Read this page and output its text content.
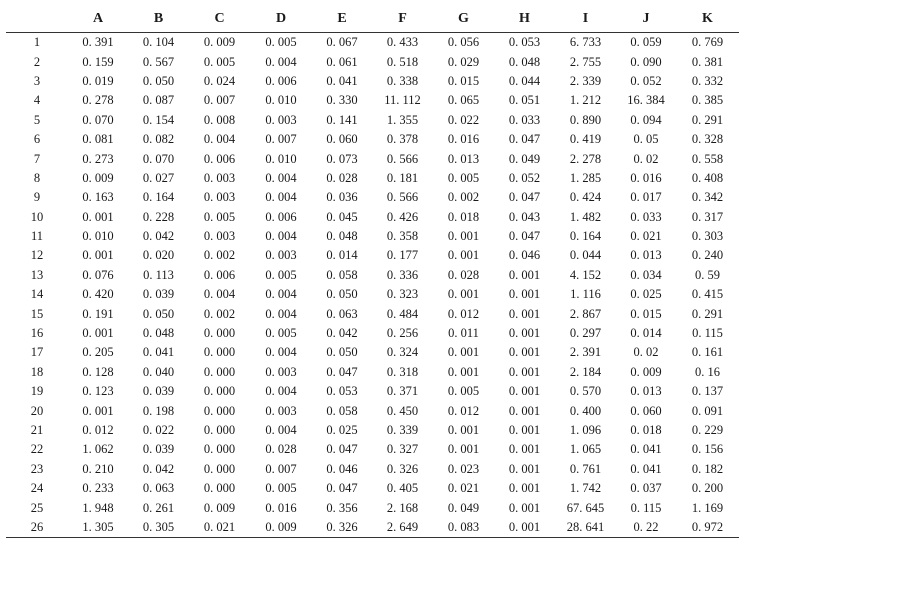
	A	B	C	D	E	F	G	H	I	J	K
1	0. 391	0. 104	0. 009	0. 005	0. 067	0. 433	0. 056	0. 053	6. 733	0. 059	0. 769
2	0. 159	0. 567	0. 005	0. 004	0. 061	0. 518	0. 029	0. 048	2. 755	0. 090	0. 381
3	0. 019	0. 050	0. 024	0. 006	0. 041	0. 338	0. 015	0. 044	2. 339	0. 052	0. 332
4	0. 278	0. 087	0. 007	0. 010	0. 330	11. 112	0. 065	0. 051	1. 212	16. 384	0. 385
5	0. 070	0. 154	0. 008	0. 003	0. 141	1. 355	0. 022	0. 033	0. 890	0. 094	0. 291
6	0. 081	0. 082	0. 004	0. 007	0. 060	0. 378	0. 016	0. 047	0. 419	0. 05	0. 328
7	0. 273	0. 070	0. 006	0. 010	0. 073	0. 566	0. 013	0. 049	2. 278	0. 02	0. 558
8	0. 009	0. 027	0. 003	0. 004	0. 028	0. 181	0. 005	0. 052	1. 285	0. 016	0. 408
9	0. 163	0. 164	0. 003	0. 004	0. 036	0. 566	0. 002	0. 047	0. 424	0. 017	0. 342
10	0. 001	0. 228	0. 005	0. 006	0. 045	0. 426	0. 018	0. 043	1. 482	0. 033	0. 317
11	0. 010	0. 042	0. 003	0. 004	0. 048	0. 358	0. 001	0. 047	0. 164	0. 021	0. 303
12	0. 001	0. 020	0. 002	0. 003	0. 014	0. 177	0. 001	0. 046	0. 044	0. 013	0. 240
13	0. 076	0. 113	0. 006	0. 005	0. 058	0. 336	0. 028	0. 001	4. 152	0. 034	0. 59
14	0. 420	0. 039	0. 004	0. 004	0. 050	0. 323	0. 001	0. 001	1. 116	0. 025	0. 415
15	0. 191	0. 050	0. 002	0. 004	0. 063	0. 484	0. 012	0. 001	2. 867	0. 015	0. 291
16	0. 001	0. 048	0. 000	0. 005	0. 042	0. 256	0. 011	0. 001	0. 297	0. 014	0. 115
17	0. 205	0. 041	0. 000	0. 004	0. 050	0. 324	0. 001	0. 001	2. 391	0. 02	0. 161
18	0. 128	0. 040	0. 000	0. 003	0. 047	0. 318	0. 001	0. 001	2. 184	0. 009	0. 16
19	0. 123	0. 039	0. 000	0. 004	0. 053	0. 371	0. 005	0. 001	0. 570	0. 013	0. 137
20	0. 001	0. 198	0. 000	0. 003	0. 058	0. 450	0. 012	0. 001	0. 400	0. 060	0. 091
21	0. 012	0. 022	0. 000	0. 004	0. 025	0. 339	0. 001	0. 001	1. 096	0. 018	0. 229
22	1. 062	0. 039	0. 000	0. 028	0. 047	0. 327	0. 001	0. 001	1. 065	0. 041	0. 156
23	0. 210	0. 042	0. 000	0. 007	0. 046	0. 326	0. 023	0. 001	0. 761	0. 041	0. 182
24	0. 233	0. 063	0. 000	0. 005	0. 047	0. 405	0. 021	0. 001	1. 742	0. 037	0. 200
25	1. 948	0. 261	0. 009	0. 016	0. 356	2. 168	0. 049	0. 001	67. 645	0. 115	1. 169
26	1. 305	0. 305	0. 021	0. 009	0. 326	2. 649	0. 083	0. 001	28. 641	0. 22	0. 972
